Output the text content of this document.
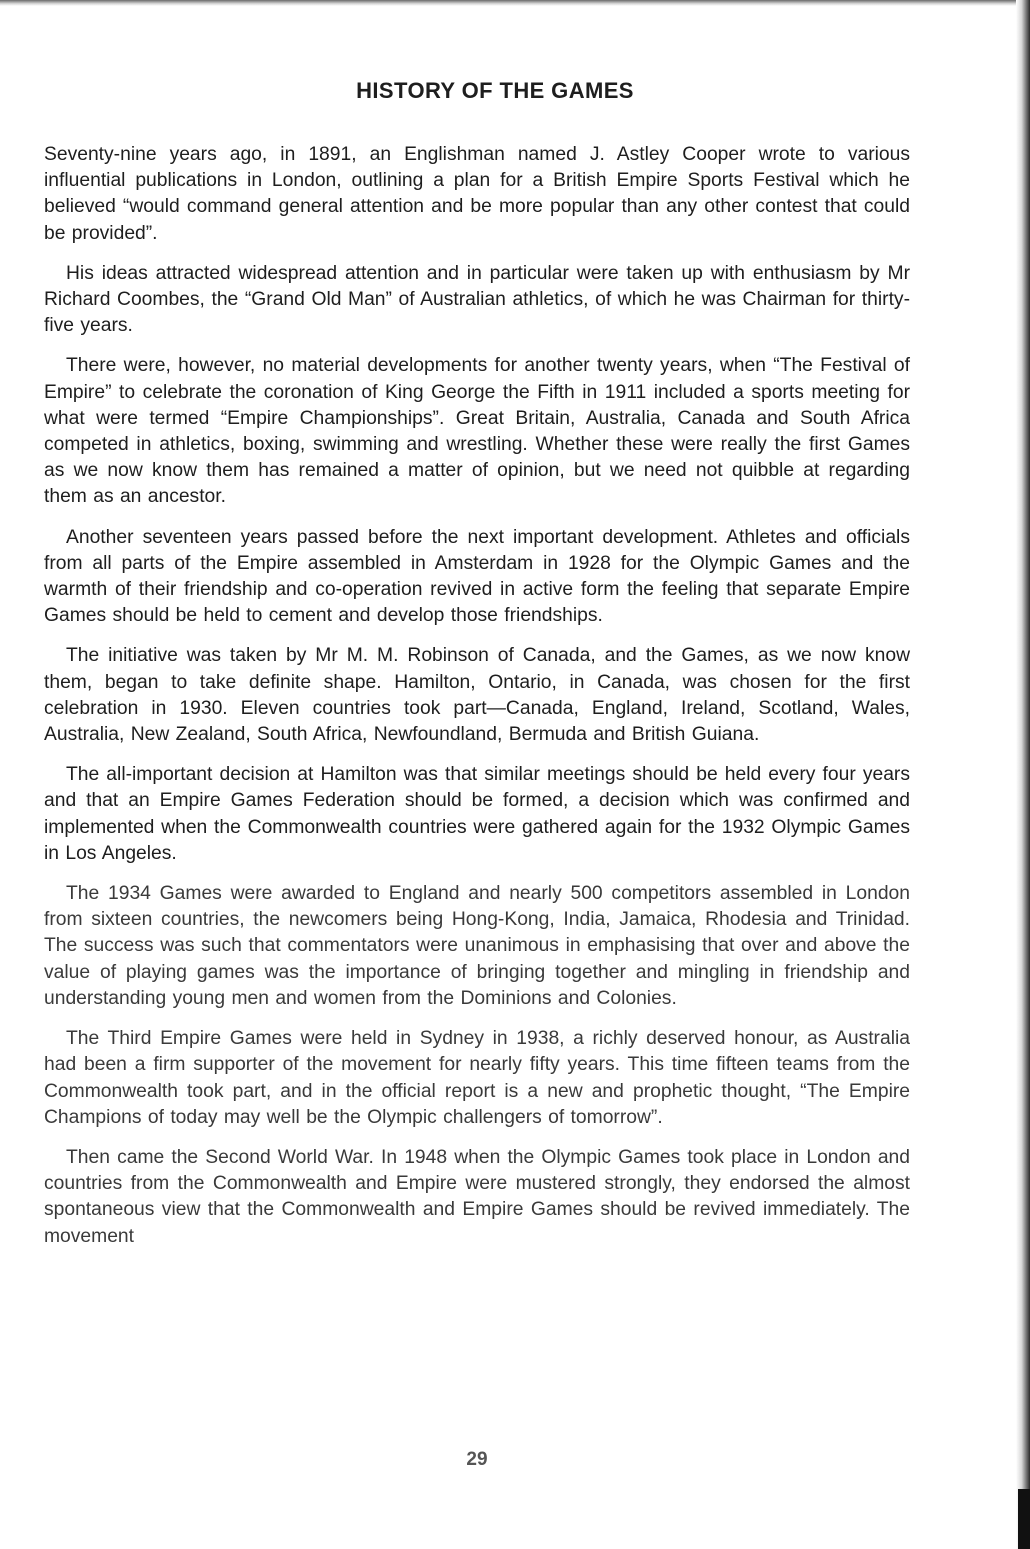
HISTORY OF THE GAMES

Seventy-nine years ago, in 1891, an Englishman named J. Astley Cooper wrote to various influential publications in London, outlining a plan for a British Empire Sports Festival which he believed “would command general attention and be more popular than any other contest that could be provided”.

His ideas attracted widespread attention and in particular were taken up with enthusiasm by Mr Richard Coombes, the “Grand Old Man” of Australian athletics, of which he was Chairman for thirty-five years.

There were, however, no material developments for another twenty years, when “The Festival of Empire” to celebrate the coronation of King George the Fifth in 1911 included a sports meeting for what were termed “Empire Championships”. Great Britain, Australia, Canada and South Africa competed in athletics, boxing, swimming and wrestling. Whether these were really the first Games as we now know them has remained a matter of opinion, but we need not quibble at regarding them as an ancestor.

Another seventeen years passed before the next important development. Athletes and officials from all parts of the Empire assembled in Amsterdam in 1928 for the Olympic Games and the warmth of their friendship and co-operation revived in active form the feeling that separate Empire Games should be held to cement and develop those friendships.

The initiative was taken by Mr M. M. Robinson of Canada, and the Games, as we now know them, began to take definite shape. Hamilton, Ontario, in Canada, was chosen for the first celebration in 1930. Eleven countries took part—Canada, England, Ireland, Scotland, Wales, Australia, New Zealand, South Africa, Newfoundland, Bermuda and British Guiana.

The all-important decision at Hamilton was that similar meetings should be held every four years and that an Empire Games Federation should be formed, a decision which was confirmed and implemented when the Commonwealth countries were gathered again for the 1932 Olympic Games in Los Angeles.

The 1934 Games were awarded to England and nearly 500 competitors assembled in London from sixteen countries, the newcomers being Hong-Kong, India, Jamaica, Rhodesia and Trinidad. The success was such that commentators were unanimous in emphasising that over and above the value of playing games was the importance of bringing together and mingling in friendship and understanding young men and women from the Dominions and Colonies.

The Third Empire Games were held in Sydney in 1938, a richly deserved honour, as Australia had been a firm supporter of the movement for nearly fifty years. This time fifteen teams from the Commonwealth took part, and in the official report is a new and prophetic thought, “The Empire Champions of today may well be the Olympic challengers of tomorrow”.

Then came the Second World War. In 1948 when the Olympic Games took place in London and countries from the Commonwealth and Empire were mustered strongly, they endorsed the almost spontaneous view that the Commonwealth and Empire Games should be revived immediately. The movement

29
